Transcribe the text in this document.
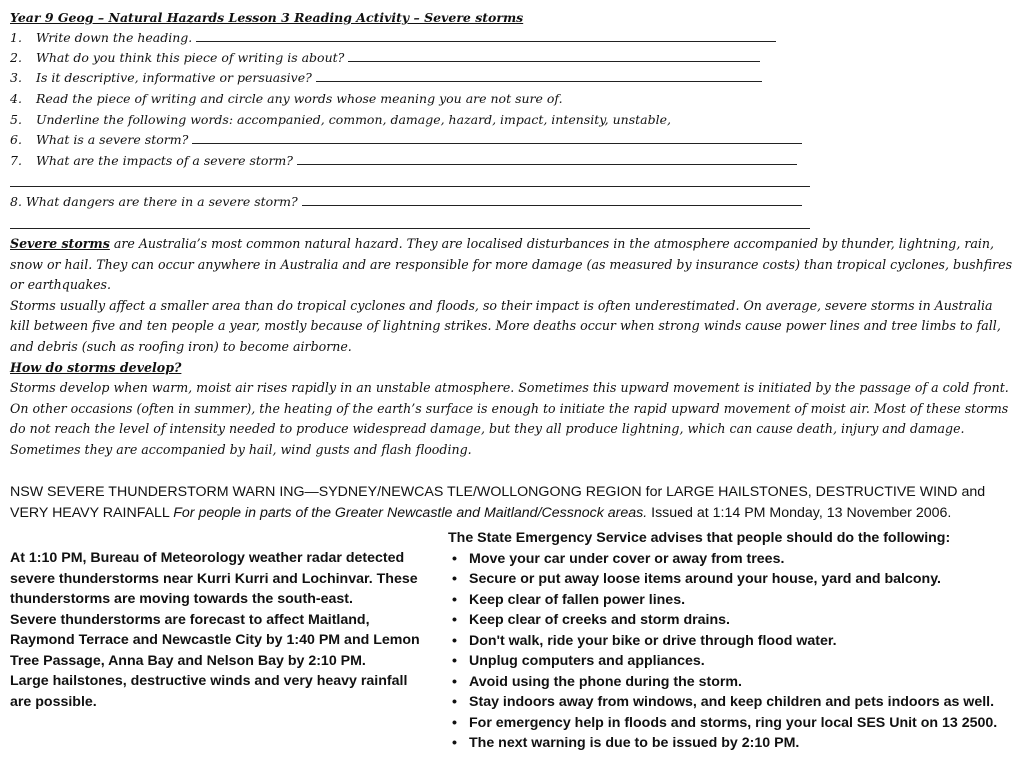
Year 9 Geog – Natural Hazards Lesson 3 Reading Activity – Severe storms
1. Write down the heading.
2. What do you think this piece of writing is about?
3. Is it descriptive, informative or persuasive?
4. Read the piece of writing and circle any words whose meaning you are not sure of.
5. Underline the following words: accompanied, common, damage, hazard, impact, intensity, unstable,
6. What is a severe storm?
7. What are the impacts of a severe storm?
8. What dangers are there in a severe storm?

Severe storms are Australia’s most common natural hazard. They are localised disturbances in the atmosphere accompanied by thunder, lightning, rain, snow or hail. They can occur anywhere in Australia and are responsible for more damage (as measured by insurance costs) than tropical cyclones, bushfires or earthquakes.

Storms usually affect a smaller area than do tropical cyclones and floods, so their impact is often underestimated. On average, severe storms in Australia kill between five and ten people a year, mostly because of lightning strikes. More deaths occur when strong winds cause power lines and tree limbs to fall, and debris (such as roofing iron) to become airborne.

How do storms develop?

Storms develop when warm, moist air rises rapidly in an unstable atmosphere. Sometimes this upward movement is initiated by the passage of a cold front. On other occasions (often in summer), the heating of the earth’s surface is enough to initiate the rapid upward movement of moist air. Most of these storms do not reach the level of intensity needed to produce widespread damage, but they all produce lightning, which can cause death, injury and damage. Sometimes they are accompanied by hail, wind gusts and flash flooding.

NSW SEVERE THUNDERSTORM WARN ING—SYDNEY/NEWCAS TLE/WOLLONGONG REGION for LARGE HAILSTONES, DESTRUCTIVE WIND and VERY HEAVY RAINFALL For people in parts of the Greater Newcastle and Maitland/Cessnock areas. Issued at 1:14 PM Monday, 13 November 2006.

At 1:10 PM, Bureau of Meteorology weather radar detected severe thunderstorms near Kurri Kurri and Lochinvar. These thunderstorms are moving towards the south-east.

Severe thunderstorms are forecast to affect Maitland, Raymond Terrace and Newcastle City by 1:40 PM and Lemon Tree Passage, Anna Bay and Nelson Bay by 2:10 PM.

Large hailstones, destructive winds and very heavy rainfall are possible.

The State Emergency Service advises that people should do the following:

• Move your car under cover or away from trees.
• Secure or put away loose items around your house, yard and balcony.
• Keep clear of fallen power lines.
• Keep clear of creeks and storm drains.
• Don't walk, ride your bike or drive through flood water.
• Unplug computers and appliances.
• Avoid using the phone during the storm.
• Stay indoors away from windows, and keep children and pets indoors as well.
• For emergency help in floods and storms, ring your local SES Unit on 13 2500.
• The next warning is due to be issued by 2:10 PM.
